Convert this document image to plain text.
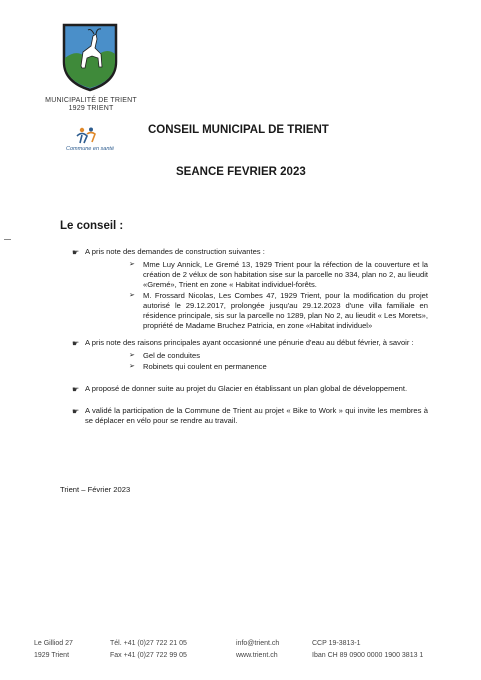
MUNICIPALITÉ DE TRIENT
1929 TRIENT
Commune en santé
CONSEIL MUNICIPAL DE TRIENT
SEANCE FEVRIER 2023
Le conseil :
☛ A pris note des demandes de construction suivantes :
➢ Mme Luy Annick, Le Gremé 13, 1929 Trient pour la réfection de la couverture et la création de 2 vélux de son habitation sise sur la parcelle no 334, plan no 2, au lieudit «Gremé», Trient en zone « Habitat individuel-forêts.
➢ M. Frossard Nicolas, Les Combes 47, 1929 Trient, pour la modification du projet autorisé le 29.12.2017, prolongée jusqu'au 29.12.2023 d'une villa familiale en résidence principale, sis sur la parcelle no 1289, plan No 2, au lieudit « Les Morets», propriété de Madame Bruchez Patricia, en zone «Habitat individuel»
☛ A pris note des raisons principales ayant occasionné une pénurie d'eau au début février, à savoir :
➢ Gel de conduites
➢ Robinets qui coulent en permanence
☛ A proposé de donner suite au projet du Glacier en établissant un plan global de développement.
☛ A validé la participation de la Commune de Trient au projet « Bike to Work » qui invite les membres à se déplacer en vélo pour se rendre au travail.
Trient – Février 2023
Le Gilliod 27
1929 Trient
Tél. +41 (0)27 722 21 05
Fax +41 (0)27 722 99 05
info@trient.ch
www.trient.ch
CCP 19-3813-1
Iban CH 89 0900 0000 1900 3813 1
